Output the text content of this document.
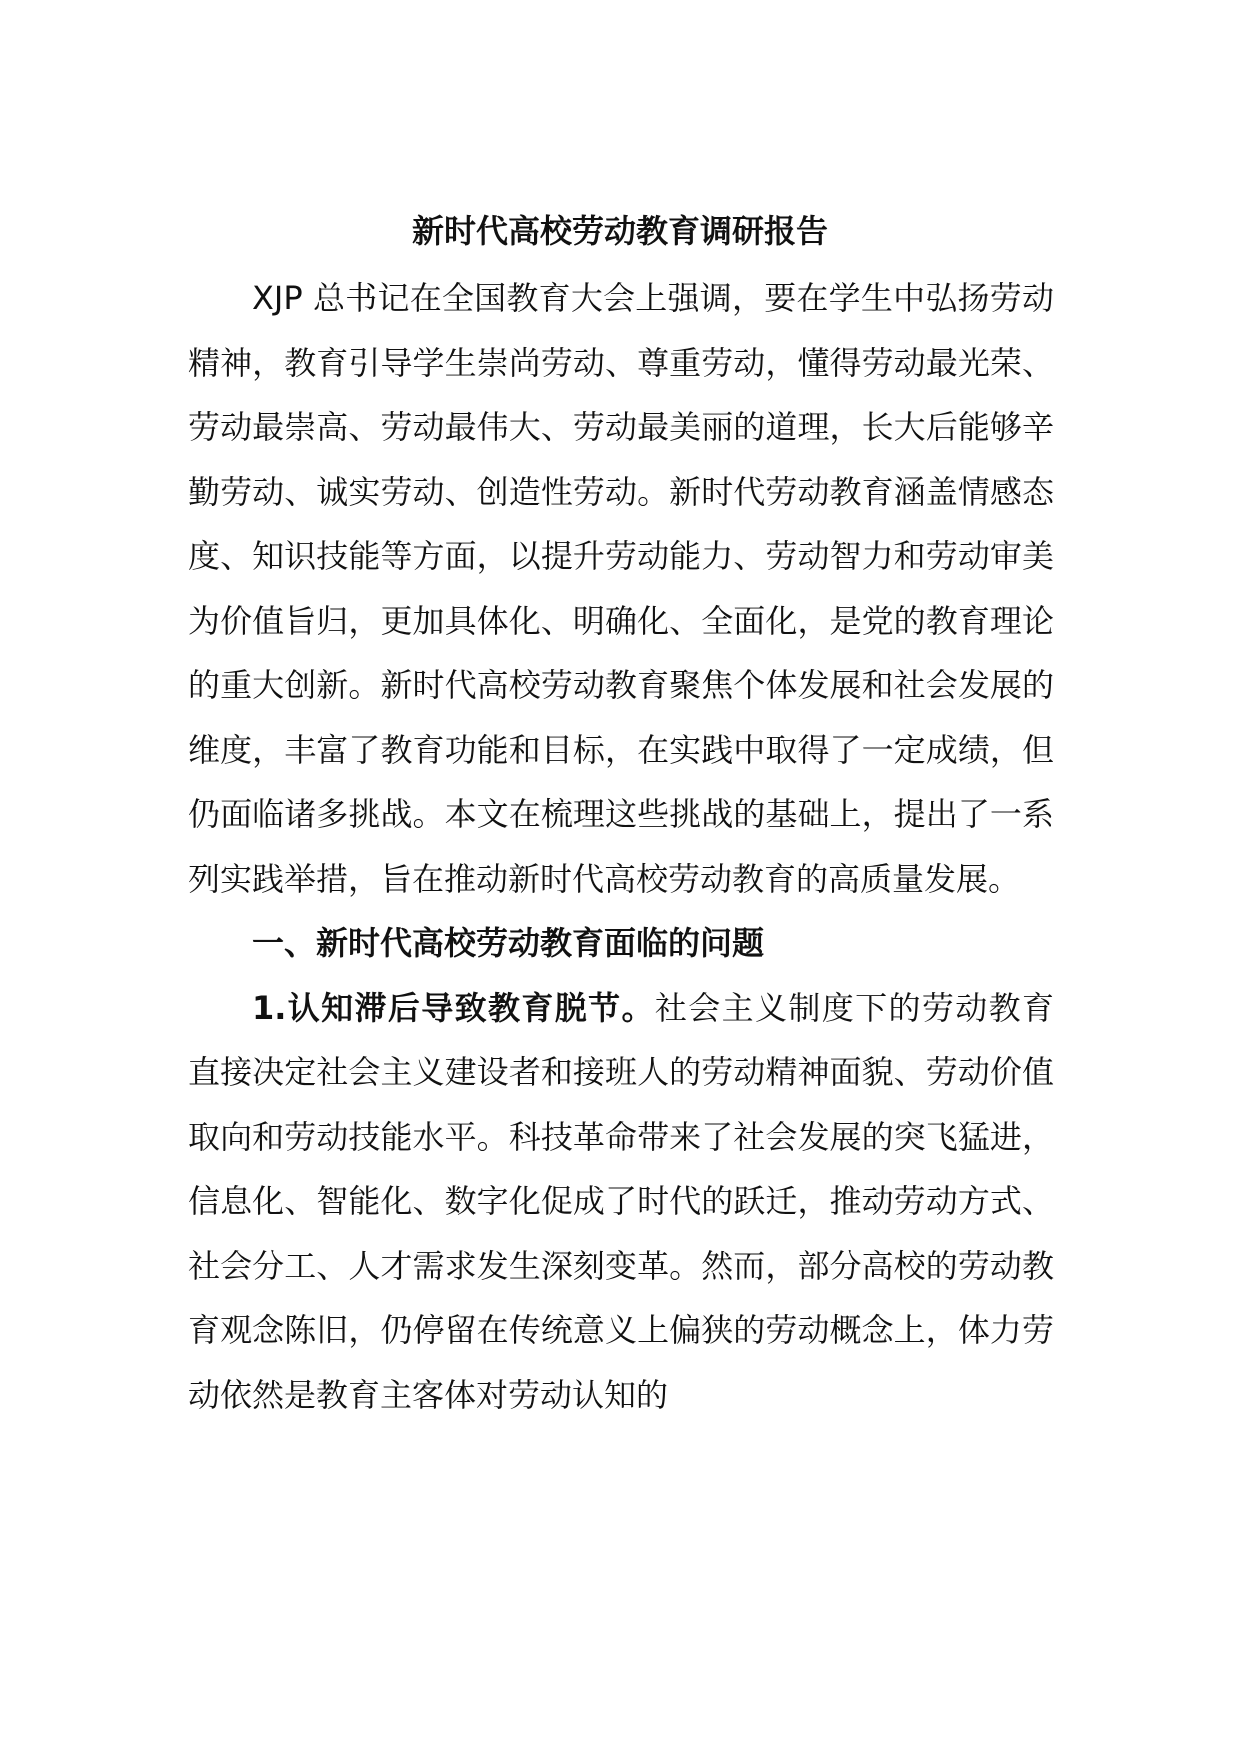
新时代高校劳动教育调研报告

XJP 总书记在全国教育大会上强调，要在学生中弘扬劳动精神，教育引导学生崇尚劳动、尊重劳动，懂得劳动最光荣、劳动最崇高、劳动最伟大、劳动最美丽的道理，长大后能够辛勤劳动、诚实劳动、创造性劳动。新时代劳动教育涵盖情感态度、知识技能等方面，以提升劳动能力、劳动智力和劳动审美为价值旨归，更加具体化、明确化、全面化，是党的教育理论的重大创新。新时代高校劳动教育聚焦个体发展和社会发展的维度，丰富了教育功能和目标，在实践中取得了一定成绩，但仍面临诸多挑战。本文在梳理这些挑战的基础上，提出了一系列实践举措，旨在推动新时代高校劳动教育的高质量发展。

一、新时代高校劳动教育面临的问题

1.认知滞后导致教育脱节。社会主义制度下的劳动教育直接决定社会主义建设者和接班人的劳动精神面貌、劳动价值取向和劳动技能水平。科技革命带来了社会发展的突飞猛进，信息化、智能化、数字化促成了时代的跃迁，推动劳动方式、社会分工、人才需求发生深刻变革。然而，部分高校的劳动教育观念陈旧，仍停留在传统意义上偏狭的劳动概念上，体力劳动依然是教育主客体对劳动认知的
